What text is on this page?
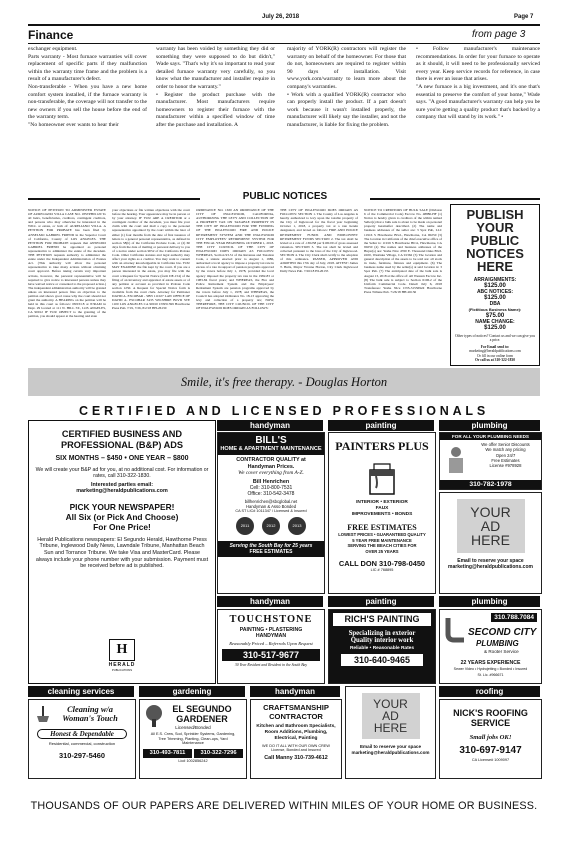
July 26, 2018	Page 7
Finance	from page 3
exchanger equipment.
Parts warranty - Most furnace warranties will cover replacement of specific parts if they malfunction within the warranty time frame and the problem is a result of a manufacturer's defect.
Non-transferable - When you have a new home comfort system installed, if the furnace warranty is non-transferable, the coverage will not transfer to the new owners if you sell the house before the end of the warranty term.
"No homeowner ever wants to hear their
warranty has been voided by something they did or something they were supposed to do but didn't," Wade says. "That's why it's so important to read your detailed furnace warranty very carefully, so you know what the manufacturer and installer require in order to honor the warranty."
• Register the product purchase with the manufacturer. Most manufacturers require homeowners to register their furnace with the manufacturer within a specified window of time after the purchase and installation. A
majority of YORK(R) contractors will register the warranty on behalf of the homeowner. For those that do not, homeowners are required to register within 90 days of installation. Visit www.york.com/warranty to learn more about the company's warranties.
• Work with a qualified YORK(R) contractor who can properly install the product. If a part doesn't work because it wasn't installed properly, the manufacturer will likely say the installer, and not the manufacturer, is liable for fixing the problem.
• Follow manufacturer's maintenance recommendations. In order for your furnace to operate as it should, it will need to be professionally serviced every year. Keep service records for reference, in case there is ever an issue that arises.
"A new furnace is a big investment, and it's one that's essential to preserve the comfort of your home," Wade says. "A good manufacturer's warranty can help you be sure you're getting a quality product that's backed by a company that will stand by its work." •
PUBLIC NOTICES
NOTICE OF PETITION TO ADMINISTER ESTATE OF AURELIANO VILLA CASE NO. 18STPB01120 To all heirs, beneficiaries, creditors, contingent creditors, and persons who may otherwise be interested in the WILL or estate, or both of: AURELIANO VILLA. A PETITION FOR PROBATE has been filed by ANSELMO GABRIEL FRIEND in the Superior Court of California, County of LOS ANGELES. THE PETITION FOR PROBATE requests that ANSELMO GABRIEL FRIEND be appointed as personal representative to administer the estate of the decedent. THE PETITION requests authority to administer the estate under the Independent Administration of Estates Act. (This authority will allow the personal representative to take many actions without obtaining court approval. Before taking certain very important actions, however, the personal representative will be required to give notice to interested persons unless they have waived notice or consented to the proposed action.) The independent administration authority will be granted unless an interested person files an objection to the petition and shows good cause why the court should not grant the authority. A HEARING on the petition will be held in this court as follows: 08/03/18 at 8:30AM in Dept. 29 located at 111 N. HILL ST., LOS ANGELES, CA 90012 IF YOU OBJECT to the granting of the petition, you should appear at the hearing and state
your objections or file written objections with the court before the hearing. Your appearance may be in person or by your attorney. IF YOU ARE A CREDITOR or a contingent creditor of the decedent, you must file your claim with the court and mail a copy to the personal representative appointed by the court within the later of either (1) four months from the date of first issuance of letters to a general personal representative, as defined in section 58(b) of the California Probate Code, or (2) 60 days from the date of mailing or personal delivery to you of a notice under section 9052 of the California Probate Code. Other California statutes and legal authority may affect your rights as a creditor. You may want to consult with an attorney knowledgeable in California law. YOU MAY EXAMINE the file kept by the court. If you are a person interested in the estate, you may file with the court a Request for Special Notice (form DE-154) of the filing of an inventory and appraisal of estate assets or of any petition or account as provided in Probate Code section 1250. A Request for Special Notice form is available from the court clerk. Attorney for Petitioner DAVID A. ESCOBAR - SBN 111027 LAW OFFICE OF DAVID A. ESCOBAR 3435 WILSHIRE BLVD STE 1100 LOS ANGELES CA 90010 CN951399 Hawthorne Press Pub. 7/19, 7/26, 8/2/18 HH-26130
ORDINANCE NO. 1630 AN ORDINANCE OF THE CITY OF INGLEWOOD, CALIFORNIA, AUTHORIZING THE LEVY AND COLLECTION OF A PROPERTY TAX ON TAXABLE PROPERTY IN THE CITY OF INGLEWOOD FOR THE FUNDING OF THE INGLEWOOD FIRE AND POLICE RETIREMENT SYSTEM AND THE INGLEWOOD CITY EMPLOYEES' RETIREMENT SYSTEM FOR THE FISCAL YEAR BEGINNING OCTOBER 1, 2018. THE CITY COUNCIL OF THE CITY OF INGLEWOOD DOES ORDAIN AS FOLLOWS: WHEREAS, Section 93.31 of the Revenue and Taxation Code, a statute enacted prior to August 1, 1986, authorized a local agency to impose a property tax rate in excess of a rate in support of pension programs approved by the voters before July 1, 1978, provided the local agency imposed the property tax rate in the 1982-83 or 1983-84 fiscal years; and WHEREAS, the Fire and Police Retirement System and the Employees' Retirement System are pension programs approved by the voters before July 1, 1978; and WHEREAS, the Council has adopted Ordinance No. 18-13 approving the levy and collection of a property tax; NOW, THEREFORE, THE CITY COUNCIL OF THE CITY OF INGLEWOOD DOES ORDAIN AS FOLLOWS:
THE CITY OF INGLEWOOD DOES ORDAIN AS FOLLOWS: SECTION 1. The County of Los Angeles is hereby authorized to levy upon the taxable property of the City of Inglewood for the fiscal year beginning October 1, 2018, a property tax at a rate herein designated, and levied as follows: FIRE AND POLICE RETIREMENT FUNDS AND EMPLOYEES' RETIREMENT FUNDS SECTION 2. The tax shall be levied at a rate of .165238 per $100.00 of gross assessed valuation. SECTION 3. The tax shall be levied and collected pursuant to the laws of the City of Inglewood. SECTION 4. The City Clerk shall certify to the adoption of this ordinance. PASSED, APPROVED AND ADOPTED this 17th day of July, 2018. ATTEST: James T. Butts, Mayor Yvonne Horton, City Clerk Inglewood Daily News Pub. 7/26/18 HI-26135
NOTICE TO CREDITORS OF BULK SALE (Division 6 of the Commercial Code) Escrow No. 48880-HF (1) Notice is hereby given to creditors of the within named Seller(s) that a bulk sale is about to be made on personal property hereinafter described. (2) The name and business addresses of the seller are: 3 Spot Pub, LLC 11916 S Hawthorne Blvd., Hawthorne, CA 90250 (3) The location in California of the chief executive office of the Seller is: 11916 S Hawthorne Blvd., Hawthorne, CA 90250 (4) The names and business addresses of the Buyer(s) are: Yeshe Nice 4760 E. Thousand Oaks Blvd. #100, Westlake Village, CA 91362 (5) The location and general description of the assets to be sold are: all stock in trade, furniture, fixtures and equipment. (6) The business name used by the seller(s) at said location is: 3 Spot Pub. (7) The anticipated date of the bulk sale is August 13, 2018 at the office of: All Western Escrow Inc. (8) The bulk sale is subject to Section 6106.2 of the Uniform Commercial Code. Dated: July 6, 2018 Transferees: Yeshe Nice CNS-3153692# Hawthorne Press Tribune Pub. 7/26/18 HH-26136
PUBLISH
YOUR
PUBLIC
NOTICES
HERE
ARRAIGNMENTS:
$125.00
ABC NOTICES:
$125.00
DBA
(Fictitious Business Name):
$75.00
NAME CHANGE:
$125.00
Other types of notices? Contact us and we can give you a price.
For Email send to:
marketing@heraldpublications.com
Or fill in our online form
Or call us at 310-322-1830
Smile, it's free therapy. - Douglas Horton
CERTIFIED AND LICENSED PROFESSIONALS
handyman	painting	plumbing
CERTIFIED BUSINESS AND PROFESSIONAL (B&P) ADS
SIX MONTHS – $450 • ONE YEAR – $800
We will create your B&P ad for you, at no additional cost. For information or rates, call 310-322-1830.
Interested parties email:
marketing@heraldpublications.com
PICK YOUR NEWSPAPER!
All Six (or Pick And Choose)
For One Price!
Herald Publications newspapers: El Segundo Herald, Hawthorne Press Tribune, Inglewood Daily News, Lawndale Tribune, Manhattan Beach Sun and Torrance Tribune. We take Visa and MasterCard. Please always include your phone number with your submission. Payment must be received before ad is published.
H
HERALD
PUBLICATIONS
BILL'S
HOME & APARTMENT MAINTENANCE
CONTRACTOR QUALITY at Handyman Prices.
We cover everything from A-Z.
Bill Henrichen
Cell: 310-800-7531
Office: 310-542-3478
billhenrichen@sbcglobal.net
Handyman & Asso Bonded
CA ST LIC# 1011347 / Licensed & Insured
2011	2012	2013
Serving the South Bay for 25 years
FREE ESTIMATES
PAINTERS PLUS
INTERIOR • EXTERIOR
FAUX
IMPROVEMENTS • BONDS
FREE ESTIMATES
LOWEST PRICES • GUARANTEED QUALITY
5 YEAR FREE MAINTENANCE
SERVING THE BEACH CITIES FOR OVER 25 YEARS
CALL DON 310-798-0450
LIC # 768895
FOR ALL YOUR PLUMBING NEEDS
We offer Senior Discounts
We match any pricing
Open 24/7
Free Estimates
License #978928
310-782-1978
YOUR
AD
HERE
Email to reserve your space marketing@heraldpublications.com
handyman	painting	plumbing
TOUCHSTONE
PAINTING • PLASTERING
HANDYMAN
Reasonably Priced – Referrals Upon Request
310-517-9677
30 Year Resident and Resident in the South Bay
RICH'S PAINTING
Specializing in exterior
Quality interior work
Reliable • Reasonable Rates
310-640-9465
310.788.7084
SECOND CITY
PLUMBING
& Rooter Service
22 YEARS EXPERIENCE
Sewer Video • Hydrojetting • Bonded • Insured
St. Lic. #966671
cleaning services	gardening	handyman	roofing
Cleaning w/a
Woman's Touch
Honest & Dependable
Residential, commercial, construction
310-297-5460
EL SEGUNDO
GARDENER
Licensed/Bonded
All E.S. Crew, Sod, Sprinkler Systems, Gardening, Tree Trimming, Planting, Clean-ups, Yard Maintenance
310-493-7811	310-322-7296
Lic# 1002856242
CRAFTSMANSHIP
CONTRACTOR
Kitchen and Bathroom Specialists,
Room Additions, Plumbing,
Electrical, Painting
WE DO IT ALL WITH OUR OWN CREW
License, Bonded and Insured
Call Manny 310-739-4612
YOUR
AD
HERE
Email to reserve your space marketing@heraldpublications.com
NICK'S ROOFING
SERVICE
Small jobs OK!
310-697-9147
CA License# 1009097
THOUSANDS OF OUR PAPERS ARE DELIVERED WITHIN MILES OF YOUR HOME OR BUSINESS.
